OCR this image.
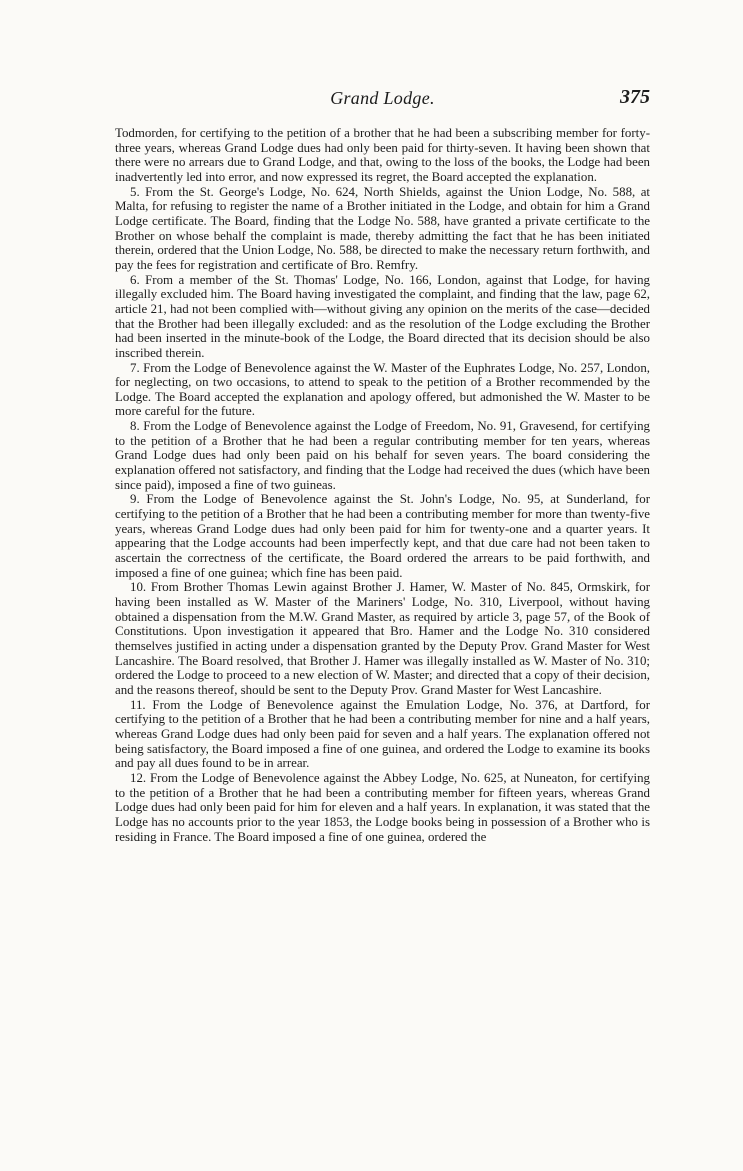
Grand Lodge.	375

Todmorden, for certifying to the petition of a brother that he had been a subscribing member for forty-three years, whereas Grand Lodge dues had only been paid for thirty-seven. It having been shown that there were no arrears due to Grand Lodge, and that, owing to the loss of the books, the Lodge had been inadvertently led into error, and now expressed its regret, the Board accepted the explanation.

5. From the St. George's Lodge, No. 624, North Shields, against the Union Lodge, No. 588, at Malta, for refusing to register the name of a Brother initiated in the Lodge, and obtain for him a Grand Lodge certificate. The Board, finding that the Lodge No. 588, have granted a private certificate to the Brother on whose behalf the complaint is made, thereby admitting the fact that he has been initiated therein, ordered that the Union Lodge, No. 588, be directed to make the necessary return forthwith, and pay the fees for registration and certificate of Bro. Remfry.

6. From a member of the St. Thomas' Lodge, No. 166, London, against that Lodge, for having illegally excluded him. The Board having investigated the complaint, and finding that the law, page 62, article 21, had not been complied with—without giving any opinion on the merits of the case—decided that the Brother had been illegally excluded: and as the resolution of the Lodge excluding the Brother had been inserted in the minute-book of the Lodge, the Board directed that its decision should be also inscribed therein.

7. From the Lodge of Benevolence against the W. Master of the Euphrates Lodge, No. 257, London, for neglecting, on two occasions, to attend to speak to the petition of a Brother recommended by the Lodge. The Board accepted the explanation and apology offered, but admonished the W. Master to be more careful for the future.

8. From the Lodge of Benevolence against the Lodge of Freedom, No. 91, Gravesend, for certifying to the petition of a Brother that he had been a regular contributing member for ten years, whereas Grand Lodge dues had only been paid on his behalf for seven years. The board considering the explanation offered not satisfactory, and finding that the Lodge had received the dues (which have been since paid), imposed a fine of two guineas.

9. From the Lodge of Benevolence against the St. John's Lodge, No. 95, at Sunderland, for certifying to the petition of a Brother that he had been a contributing member for more than twenty-five years, whereas Grand Lodge dues had only been paid for him for twenty-one and a quarter years. It appearing that the Lodge accounts had been imperfectly kept, and that due care had not been taken to ascertain the correctness of the certificate, the Board ordered the arrears to be paid forthwith, and imposed a fine of one guinea; which fine has been paid.

10. From Brother Thomas Lewin against Brother J. Hamer, W. Master of No. 845, Ormskirk, for having been installed as W. Master of the Mariners' Lodge, No. 310, Liverpool, without having obtained a dispensation from the M.W. Grand Master, as required by article 3, page 57, of the Book of Constitutions. Upon investigation it appeared that Bro. Hamer and the Lodge No. 310 considered themselves justified in acting under a dispensation granted by the Deputy Prov. Grand Master for West Lancashire. The Board resolved, that Brother J. Hamer was illegally installed as W. Master of No. 310; ordered the Lodge to proceed to a new election of W. Master; and directed that a copy of their decision, and the reasons thereof, should be sent to the Deputy Prov. Grand Master for West Lancashire.

11. From the Lodge of Benevolence against the Emulation Lodge, No. 376, at Dartford, for certifying to the petition of a Brother that he had been a contributing member for nine and a half years, whereas Grand Lodge dues had only been paid for seven and a half years. The explanation offered not being satisfactory, the Board imposed a fine of one guinea, and ordered the Lodge to examine its books and pay all dues found to be in arrear.

12. From the Lodge of Benevolence against the Abbey Lodge, No. 625, at Nuneaton, for certifying to the petition of a Brother that he had been a contributing member for fifteen years, whereas Grand Lodge dues had only been paid for him for eleven and a half years. In explanation, it was stated that the Lodge has no accounts prior to the year 1853, the Lodge books being in possession of a Brother who is residing in France. The Board imposed a fine of one guinea, ordered the
